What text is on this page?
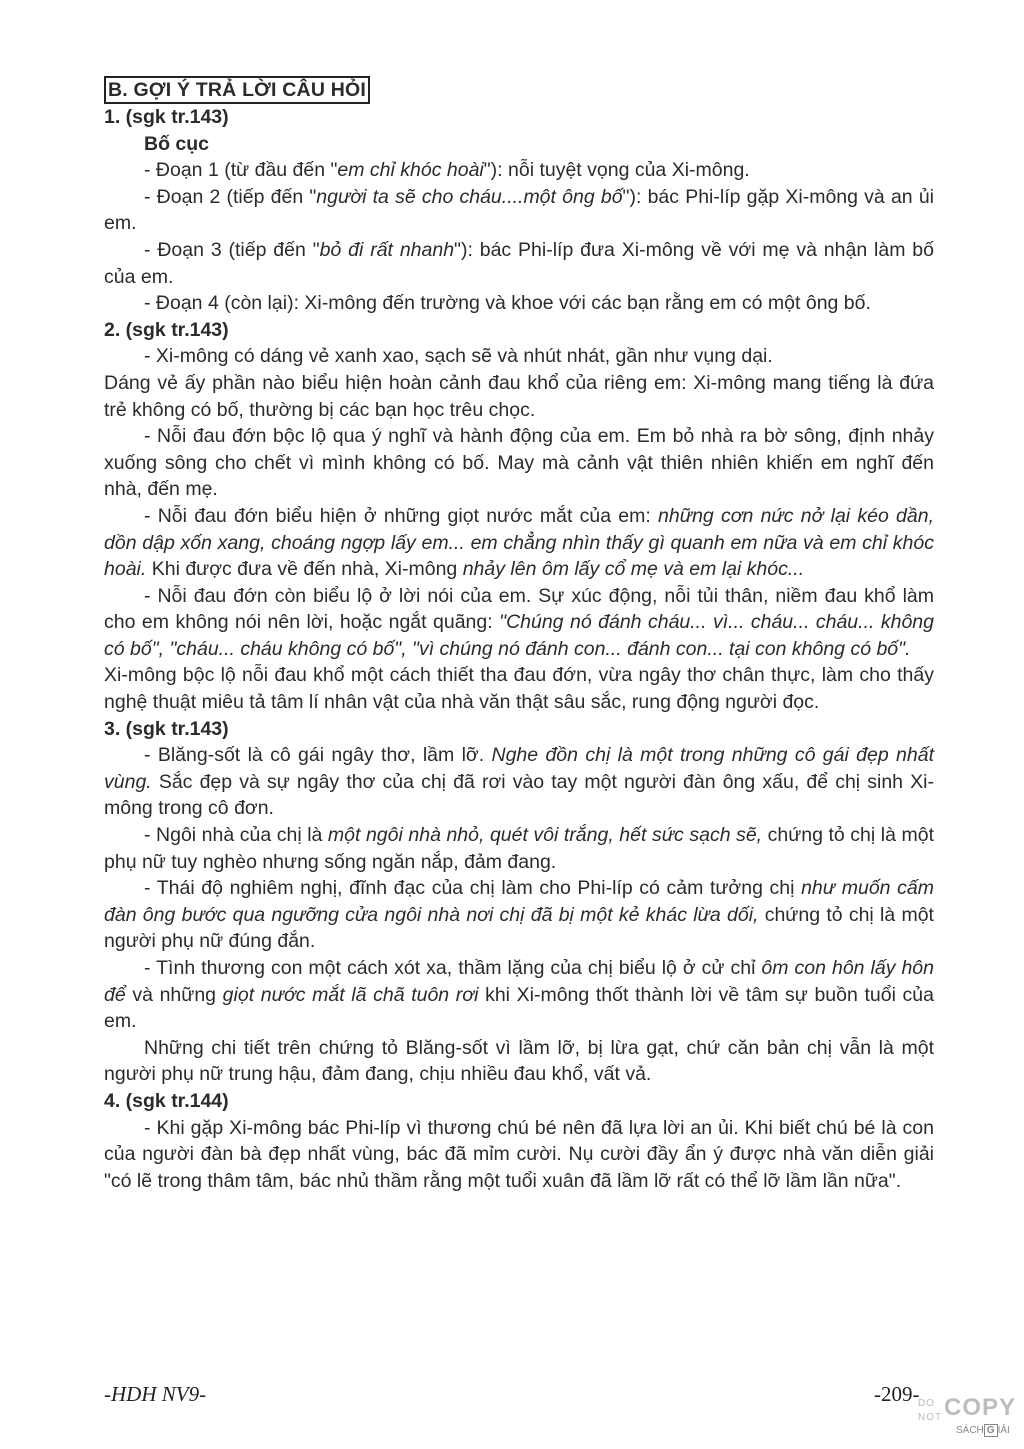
B. GỢI Ý TRẢ LỜI CÂU HỎI

1. (sgk tr.143)

Bố cục

- Đoạn 1 (từ đầu đến "em chỉ khóc hoài"): nỗi tuyệt vọng của Xi-mông.

- Đoạn 2 (tiếp đến "người ta sẽ cho cháu....một ông bố"): bác Phi-líp gặp Xi-mông và an ủi em.

- Đoạn 3 (tiếp đến "bỏ đi rất nhanh"): bác Phi-líp đưa Xi-mông về với mẹ và nhận làm bố của em.

- Đoạn 4 (còn lại): Xi-mông đến trường và khoe với các bạn rằng em có một ông bố.

2. (sgk tr.143)

- Xi-mông có dáng vẻ xanh xao, sạch sẽ và nhút nhát, gần như vụng dại.

Dáng vẻ ấy phần nào biểu hiện hoàn cảnh đau khổ của riêng em: Xi-mông mang tiếng là đứa trẻ không có bố, thường bị các bạn học trêu chọc.

- Nỗi đau đớn bộc lộ qua ý nghĩ và hành động của em. Em bỏ nhà ra bờ sông, định nhảy xuống sông cho chết vì mình không có bố. May mà cảnh vật thiên nhiên khiến em nghĩ đến nhà, đến mẹ.

- Nỗi đau đớn biểu hiện ở những giọt nước mắt của em: những cơn nức nở lại kéo dần, dồn dập xốn xang, choáng ngợp lấy em... em chẳng nhìn thấy gì quanh em nữa và em chỉ khóc hoài. Khi được đưa về đến nhà, Xi-mông nhảy lên ôm lấy cổ mẹ và em lại khóc...

- Nỗi đau đớn còn biểu lộ ở lời nói của em. Sự xúc động, nỗi tủi thân, niềm đau khổ làm cho em không nói nên lời, hoặc ngắt quãng: "Chúng nó đánh cháu... vì... cháu... cháu... không có bố", "cháu... cháu không có bố", "vì chúng nó đánh con... đánh con... tại con không có bố".

Xi-mông bộc lộ nỗi đau khổ một cách thiết tha đau đớn, vừa ngây thơ chân thực, làm cho thấy nghệ thuật miêu tả tâm lí nhân vật của nhà văn thật sâu sắc, rung động người đọc.

3. (sgk tr.143)

- Blăng-sốt là cô gái ngây thơ, lầm lỡ. Nghe đồn chị là một trong những cô gái đẹp nhất vùng. Sắc đẹp và sự ngây thơ của chị đã rơi vào tay một người đàn ông xấu, để chị sinh Xi-mông trong cô đơn.

- Ngôi nhà của chị là một ngôi nhà nhỏ, quét vôi trắng, hết sức sạch sẽ, chứng tỏ chị là một phụ nữ tuy nghèo nhưng sống ngăn nắp, đảm đang.

- Thái độ nghiêm nghị, đĩnh đạc của chị làm cho Phi-líp có cảm tưởng chị như muốn cấm đàn ông bước qua ngưỡng cửa ngôi nhà nơi chị đã bị một kẻ khác lừa dối, chứng tỏ chị là một người phụ nữ đúng đắn.

- Tình thương con một cách xót xa, thầm lặng của chị biểu lộ ở cử chỉ ôm con hôn lấy hôn để và những giọt nước mắt lã chã tuôn rơi khi Xi-mông thốt thành lời về tâm sự buồn tuổi của em.

Những chi tiết trên chứng tỏ Blăng-sốt vì lầm lỡ, bị lừa gạt, chứ căn bản chị vẫn là một người phụ nữ trung hậu, đảm đang, chịu nhiều đau khổ, vất vả.

4. (sgk tr.144)

- Khi gặp Xi-mông bác Phi-líp vì thương chú bé nên đã lựa lời an ủi. Khi biết chú bé là con của người đàn bà đẹp nhất vùng, bác đã mỉm cười. Nụ cười đầy ẩn ý được nhà văn diễn giải "có lẽ trong thâm tâm, bác nhủ thầm rằng một tuổi xuân đã lầm lỡ rất có thể lỡ lầm lần nữa".

-HDH NV9-	-209-
DO
NOT COPY
SÁCH G IẢI
